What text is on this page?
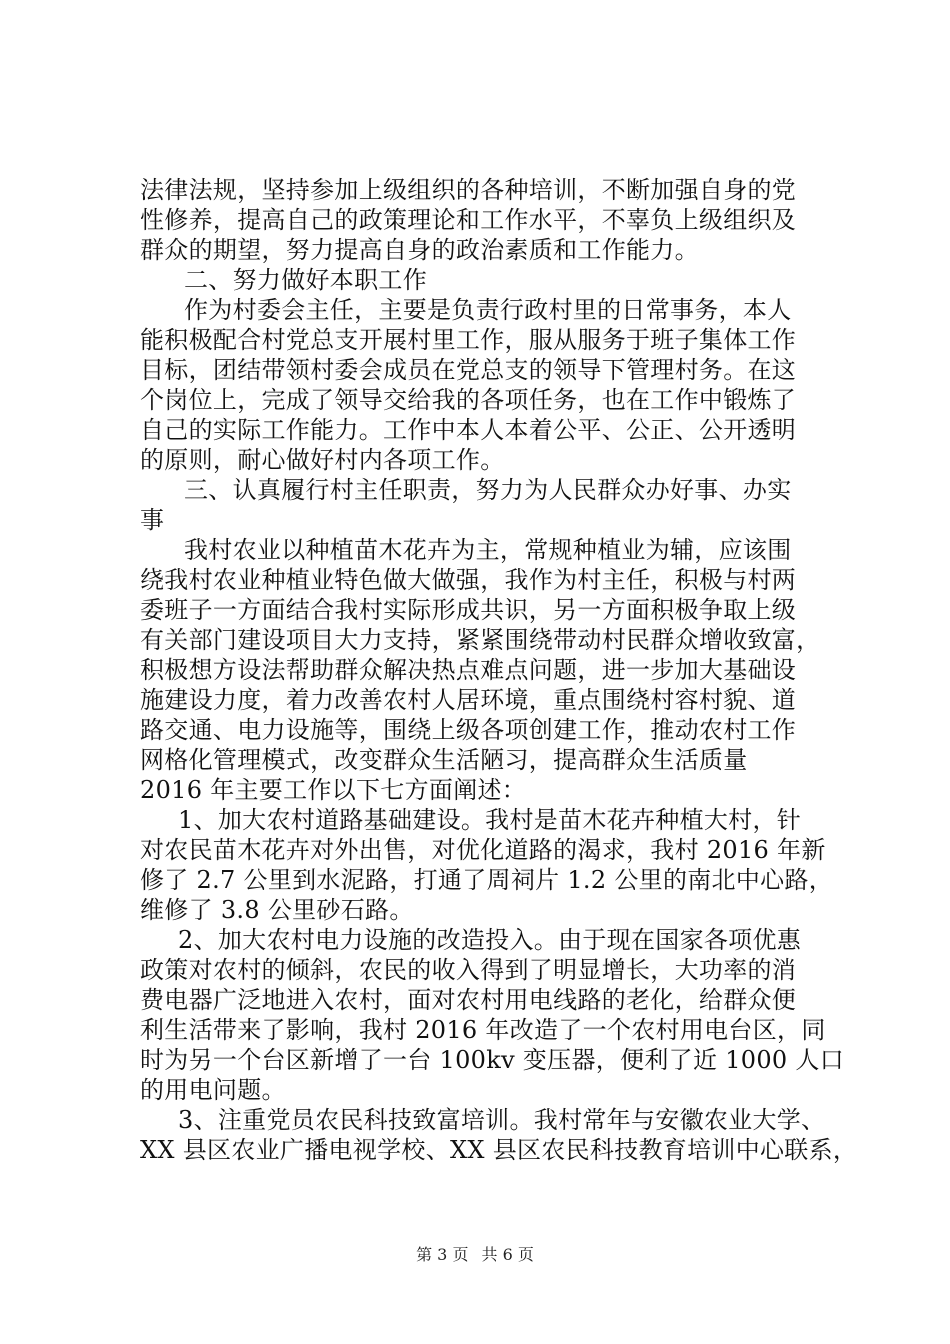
法律法规，坚持参加上级组织的各种培训，不断加强自身的党
性修养，提高自己的政策理论和工作水平，不辜负上级组织及
群众的期望，努力提高自身的政治素质和工作能力。
二、努力做好本职工作
作为村委会主任，主要是负责行政村里的日常事务，本人
能积极配合村党总支开展村里工作，服从服务于班子集体工作
目标，团结带领村委会成员在党总支的领导下管理村务。在这
个岗位上，完成了领导交给我的各项任务，也在工作中锻炼了
自己的实际工作能力。工作中本人本着公平、公正、公开透明
的原则，耐心做好村内各项工作。
三、认真履行村主任职责，努力为人民群众办好事、办实
事
我村农业以种植苗木花卉为主，常规种植业为辅，应该围
绕我村农业种植业特色做大做强，我作为村主任，积极与村两
委班子一方面结合我村实际形成共识，另一方面积极争取上级
有关部门建设项目大力支持，紧紧围绕带动村民群众增收致富，
积极想方设法帮助群众解决热点难点问题，进一步加大基础设
施建设力度，着力改善农村人居环境，重点围绕村容村貌、道
路交通、电力设施等，围绕上级各项创建工作，推动农村工作
网格化管理模式，改变群众生活陋习，提高群众生活质量
2016 年主要工作以下七方面阐述：
1、加大农村道路基础建设。我村是苗木花卉种植大村，针
对农民苗木花卉对外出售，对优化道路的渴求，我村 2016 年新
修了 2.7 公里到水泥路，打通了周祠片 1.2 公里的南北中心路，
维修了 3.8 公里砂石路。
2、加大农村电力设施的改造投入。由于现在国家各项优惠
政策对农村的倾斜，农民的收入得到了明显增长，大功率的消
费电器广泛地进入农村，面对农村用电线路的老化，给群众便
利生活带来了影响，我村 2016 年改造了一个农村用电台区，同
时为另一个台区新增了一台 100kv 变压器，便利了近 1000 人口
的用电问题。
3、注重党员农民科技致富培训。我村常年与安徽农业大学、
XX 县区农业广播电视学校、XX 县区农民科技教育培训中心联系，
第 3 页 共 6 页
